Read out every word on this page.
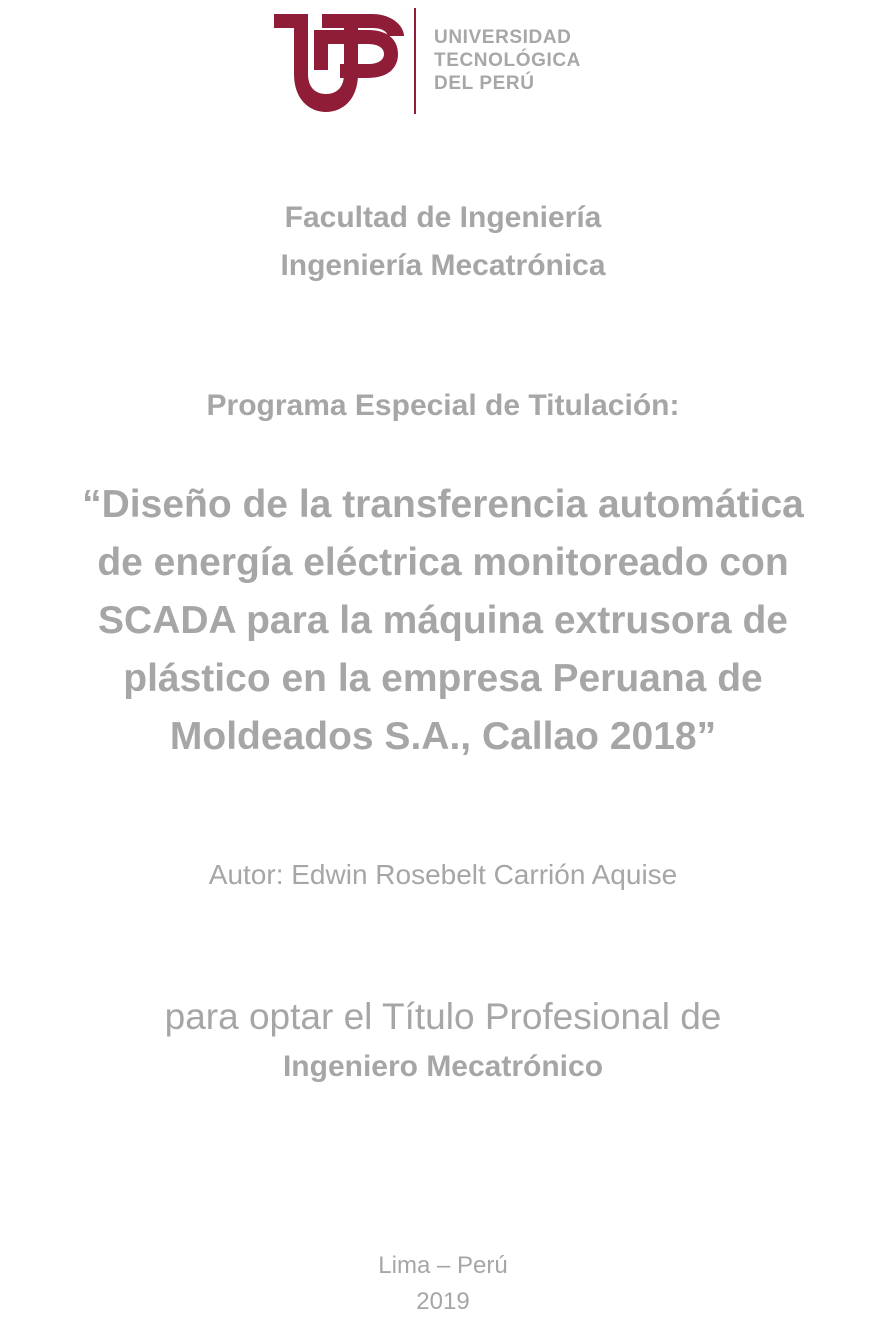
UNIVERSIDAD
TECNOLÓGICA
DEL PERÚ

Facultad de Ingeniería
Ingeniería Mecatrónica
Programa Especial de Titulación:
“Diseño de la transferencia automática
de energía eléctrica monitoreado con
SCADA para la máquina extrusora de
plástico en la empresa Peruana de
Moldeados S.A., Callao 2018”

Autor: Edwin Rosebelt Carrión Aquise

para optar el Título Profesional de

Ingeniero Mecatrónico

Lima – Perú

2019
